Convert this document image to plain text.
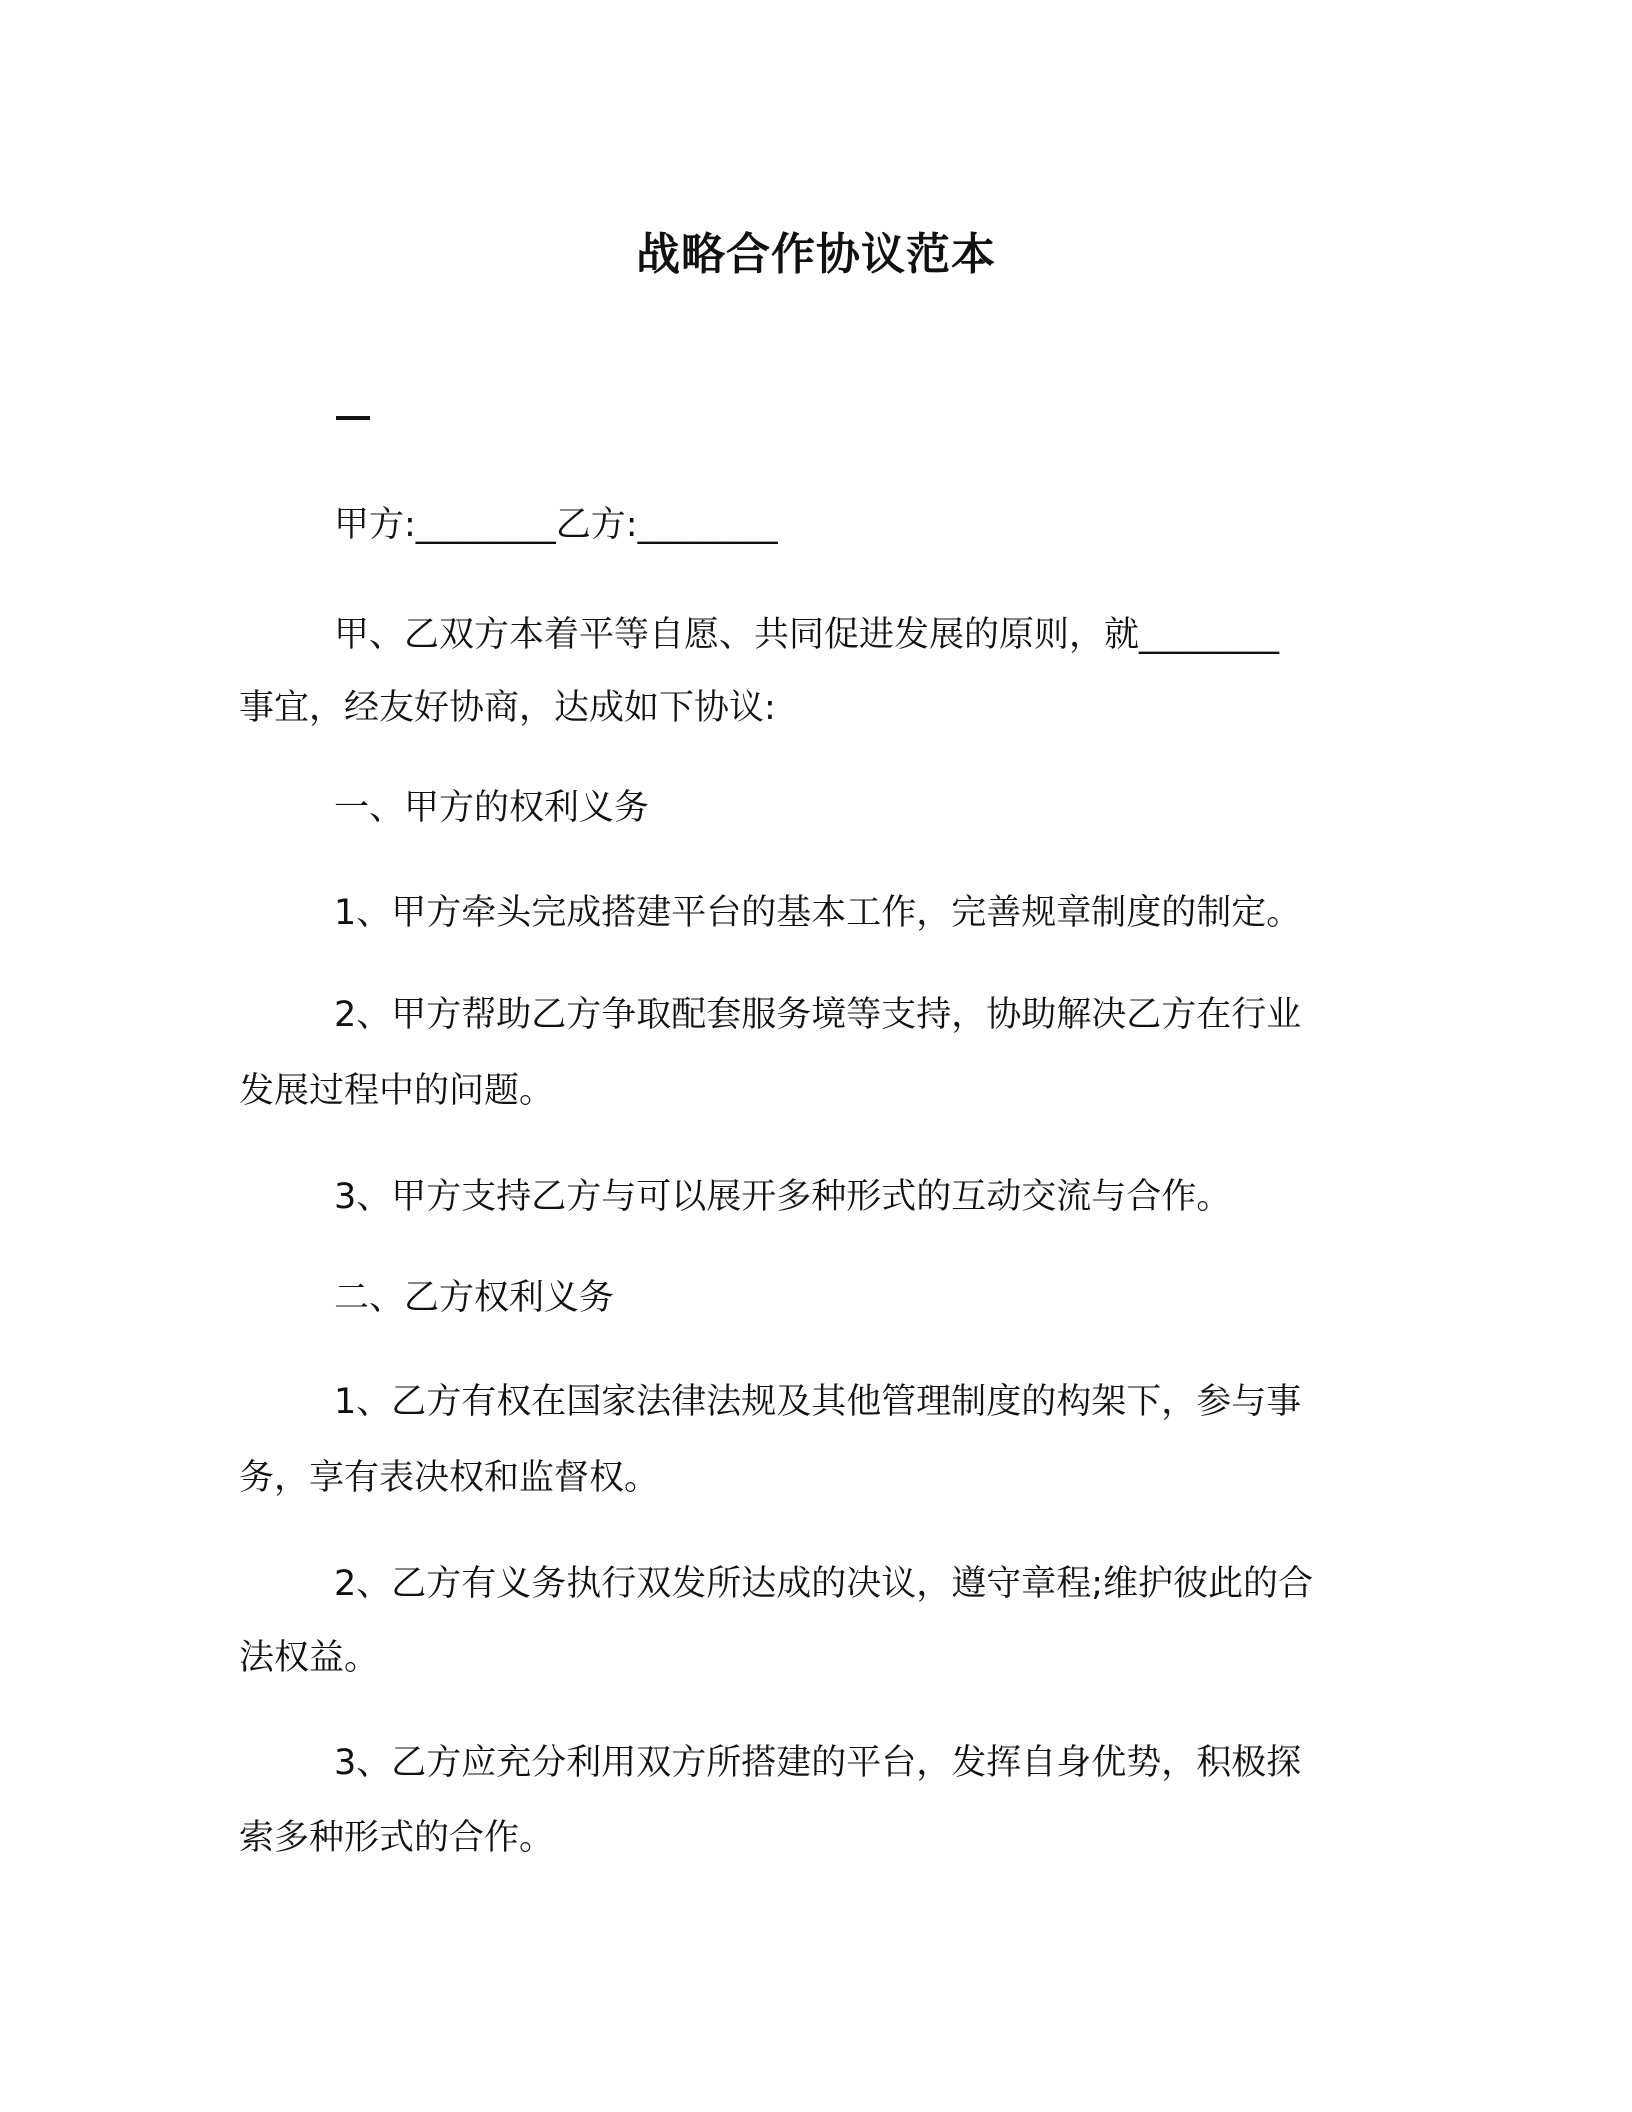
战略合作协议范本
甲方:________乙方:________
甲、乙双方本着平等自愿、共同促进发展的原则，就________
事宜，经友好协商，达成如下协议:
一、甲方的权利义务
1、甲方牵头完成搭建平台的基本工作，完善规章制度的制定。
2、甲方帮助乙方争取配套服务境等支持，协助解决乙方在行业
发展过程中的问题。
3、甲方支持乙方与可以展开多种形式的互动交流与合作。
二、乙方权利义务
1、乙方有权在国家法律法规及其他管理制度的构架下，参与事
务，享有表决权和监督权。
2、乙方有义务执行双发所达成的决议，遵守章程;维护彼此的合
法权益。
3、乙方应充分利用双方所搭建的平台，发挥自身优势，积极探
索多种形式的合作。
